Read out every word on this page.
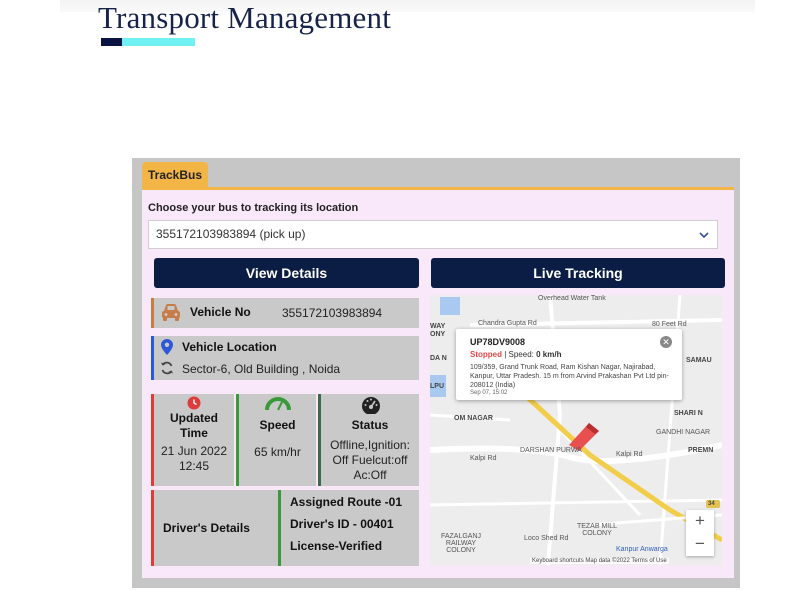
Transport Management
TrackBus
Choose your bus to tracking its location
355172103983894 (pick up)
View Details	Live Tracking
Vehicle No	355172103983894
Vehicle Location
Sector-6, Old Building , Noida
Updated
Time
21 Jun 2022
12:45
Speed
65 km/hr
Status
Offline,Ignition:
Off Fuelcut:off
Ac:Off
Driver's Details
Assigned Route -01
Driver's ID - 00401
License-Verified
Overhead Water Tank
Chandra Gupta Rd	80 Feet Rd
WAY
ONY
DA N
LPU
SAMAU
OM NAGAR
SHARI N
GANDHI NAGAR
PREMN
DARSHAN PURWA
Kalpi Rd
Kalpi Rd
TEZAB MILL COLONY
FAZALGANJ RAILWAY COLONY
Loco Shed Rd
Kanpur Anwarga
34
UP78DV9008
Stopped | Speed: 0 km/h
109/359, Grand Trunk Road, Ram Kishan Nagar, Najirabad, Kanpur, Uttar Pradesh. 15 m from Arvind Prakashan Pvt Ltd pin-208012 (India)
Sep 07, 15:02
✕
+
−
Keyboard shortcuts Map data ©2022 Terms of Use
